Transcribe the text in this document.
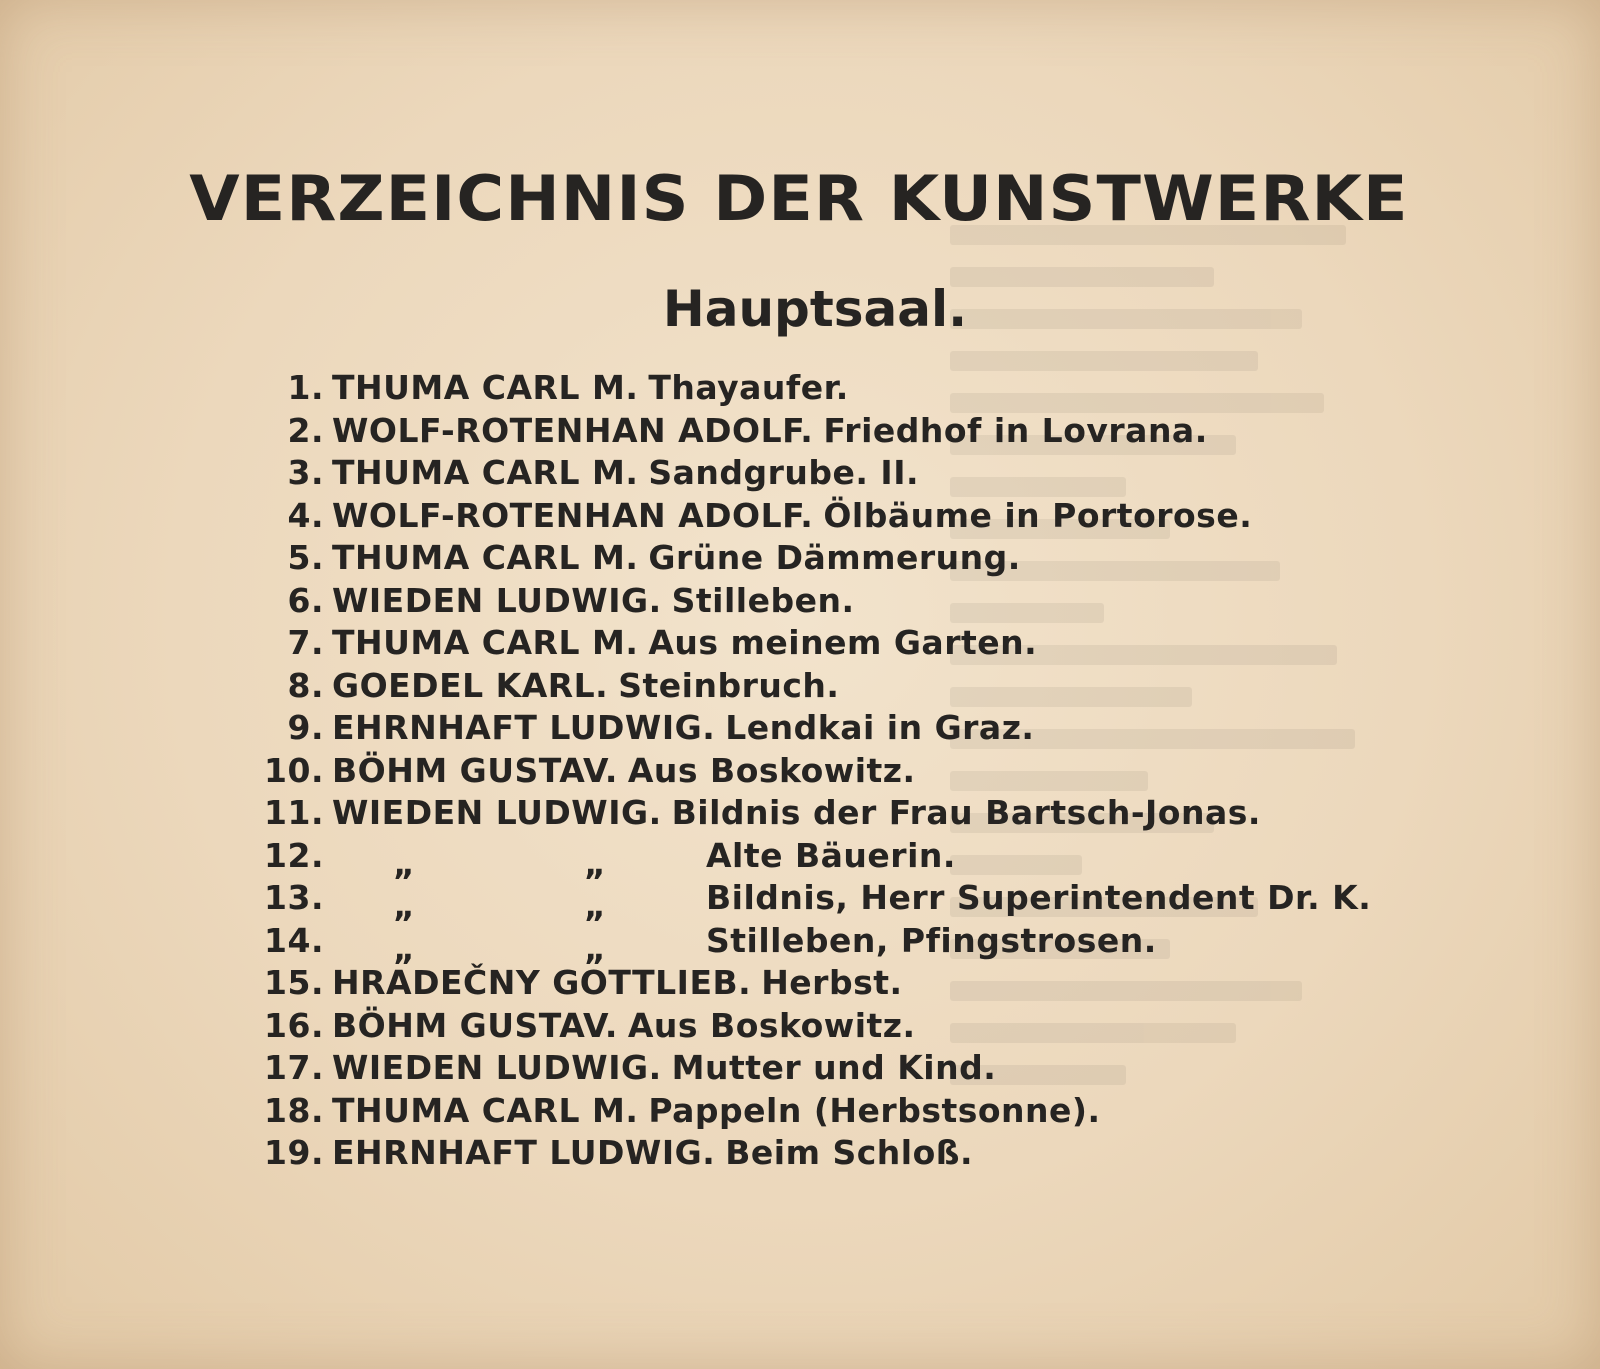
VERZEICHNIS DER KUNSTWERKE
Hauptsaal.
1. THUMA CARL M. Thayaufer.
2. WOLF-ROTENHAN ADOLF. Friedhof in Lovrana.
3. THUMA CARL M. Sandgrube. II.
4. WOLF-ROTENHAN ADOLF. Ölbäume in Portorose.
5. THUMA CARL M. Grüne Dämmerung.
6. WIEDEN LUDWIG. Stilleben.
7. THUMA CARL M. Aus meinem Garten.
8. GOEDEL KARL. Steinbruch.
9. EHRNHAFT LUDWIG. Lendkai in Graz.
10. BÖHM GUSTAV. Aus Boskowitz.
11. WIEDEN LUDWIG. Bildnis der Frau Bartsch-Jonas.
12. „	„	Alte Bäuerin.
13. „	„	Bildnis, Herr Superintendent Dr. K.
14. „	„	Stilleben, Pfingstrosen.
15. HRADEČNY GOTTLIEB. Herbst.
16. BÖHM GUSTAV. Aus Boskowitz.
17. WIEDEN LUDWIG. Mutter und Kind.
18. THUMA CARL M. Pappeln (Herbstsonne).
19. EHRNHAFT LUDWIG. Beim Schloß.
